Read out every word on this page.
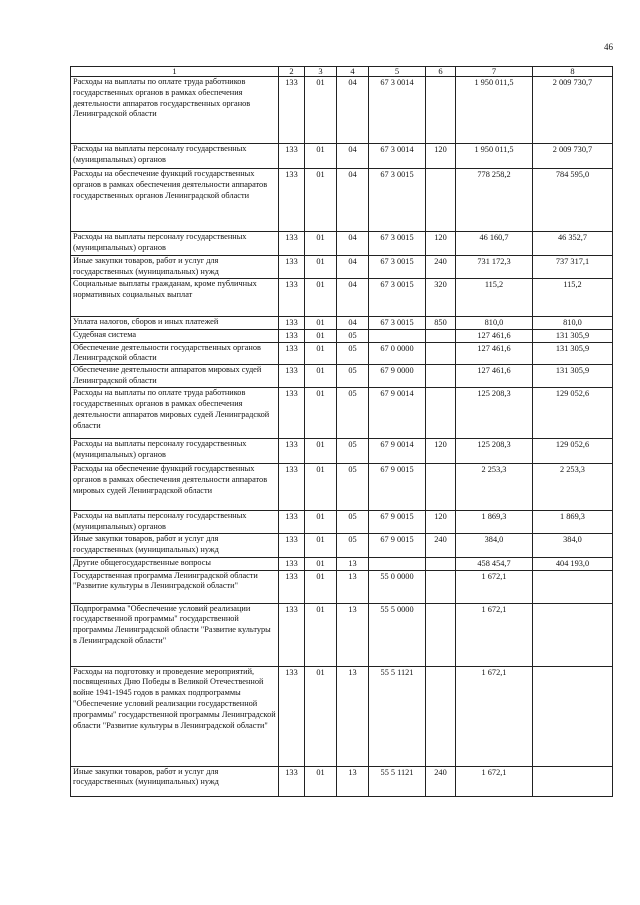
46
1	2	3	4	5	6	7	8
Расходы на выплаты по оплате труда работников государственных органов в рамках обеспечения деятельности аппаратов государственных органов Ленинградской области	133	01	04	67 3 0014		1 950 011,5	2 009 730,7
Расходы на выплаты персоналу государственных (муниципальных) органов	133	01	04	67 3 0014	120	1 950 011,5	2 009 730,7
Расходы на обеспечение функций государственных органов в рамках обеспечения деятельности аппаратов государственных органов Ленинградской области	133	01	04	67 3 0015		778 258,2	784 595,0
Расходы на выплаты персоналу государственных (муниципальных) органов	133	01	04	67 3 0015	120	46 160,7	46 352,7
Иные закупки товаров, работ и услуг для государственных (муниципальных) нужд	133	01	04	67 3 0015	240	731 172,3	737 317,1
Социальные выплаты гражданам, кроме публичных нормативных социальных выплат	133	01	04	67 3 0015	320	115,2	115,2
Уплата налогов, сборов и иных платежей	133	01	04	67 3 0015	850	810,0	810,0
Судебная система	133	01	05			127 461,6	131 305,9
Обеспечение деятельности государственных органов Ленинградской области	133	01	05	67 0 0000		127 461,6	131 305,9
Обеспечение деятельности аппаратов мировых судей Ленинградской области	133	01	05	67 9 0000		127 461,6	131 305,9
Расходы на выплаты по оплате труда работников государственных органов в рамках обеспечения деятельности аппаратов мировых судей Ленинградской области	133	01	05	67 9 0014		125 208,3	129 052,6
Расходы на выплаты персоналу государственных (муниципальных) органов	133	01	05	67 9 0014	120	125 208,3	129 052,6
Расходы на обеспечение функций государственных органов в рамках обеспечения деятельности аппаратов мировых судей Ленинградской области	133	01	05	67 9 0015		2 253,3	2 253,3
Расходы на выплаты персоналу государственных (муниципальных) органов	133	01	05	67 9 0015	120	1 869,3	1 869,3
Иные закупки товаров, работ и услуг для государственных (муниципальных) нужд	133	01	05	67 9 0015	240	384,0	384,0
Другие общегосударственные вопросы	133	01	13			458 454,7	404 193,0
Государственная программа Ленинградской области "Развитие культуры в Ленинградской области"	133	01	13	55 0 0000		1 672,1	
Подпрограмма "Обеспечение условий реализации государственной программы" государственной программы Ленинградской области "Развитие культуры в Ленинградской области"	133	01	13	55 5 0000		1 672,1	
Расходы на подготовку и проведение мероприятий, посвященных Дню Победы в Великой Отечественной войне 1941-1945 годов в рамках подпрограммы "Обеспечение условий реализации государственной программы" государственной программы Ленинградской области "Развитие культуры в Ленинградской области"	133	01	13	55 5 1121		1 672,1	
Иные закупки товаров, работ и услуг для государственных (муниципальных) нужд	133	01	13	55 5 1121	240	1 672,1	
